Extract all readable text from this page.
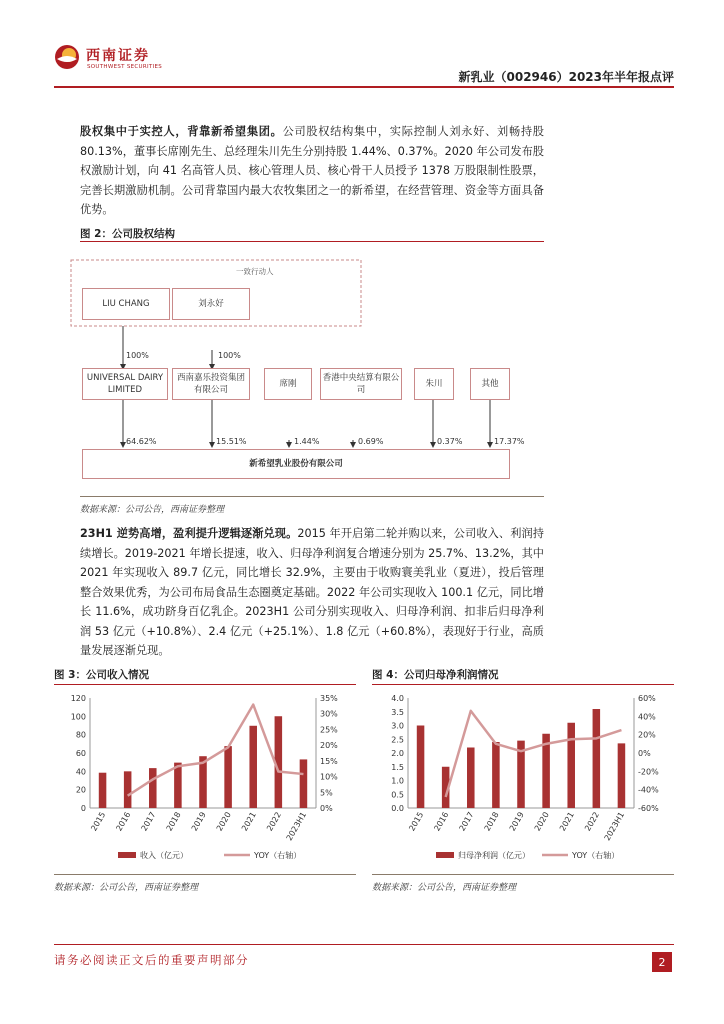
西南证券
SOUTHWEST SECURITIES
新乳业（002946）2023年半年报点评
股权集中于实控人，背靠新希望集团。公司股权结构集中，实际控制人刘永好、刘畅持股 80.13%，董事长席刚先生、总经理朱川先生分别持股 1.44%、0.37%。2020 年公司发布股权激励计划，向 41 名高管人员、核心管理人员、核心骨干人员授予 1378 万股限制性股票，完善长期激励机制。公司背靠国内最大农牧集团之一的新希望，在经营管理、资金等方面具备优势。
图 2：公司股权结构
一致行动人
LIU CHANG	刘永好
100%	100%
UNIVERSAL DAIRY LIMITED
西南嘉乐投资集团有限公司
席刚
香港中央结算有限公司
朱川	其他
64.62%	15.51%	1.44%	0.69%	0.37%	17.37%
新希望乳业股份有限公司
数据来源：公司公告，西南证券整理
23H1 逆势高增，盈利提升逻辑逐渐兑现。2015 年开启第二轮并购以来，公司收入、利润持续增长。2019-2021 年增长提速，收入、归母净利润复合增速分别为 25.7%、13.2%，其中 2021 年实现收入 89.7 亿元，同比增长 32.9%，主要由于收购寰美乳业（夏进），投后管理整合效果优秀，为公司布局食品生态圈奠定基础。2022 年公司实现收入 100.1 亿元，同比增长 11.6%，成功跻身百亿乳企。2023H1 公司分别实现收入、归母净利润、扣非后归母净利润 53 亿元（+10.8%）、2.4 亿元（+25.1%）、1.8 亿元（+60.8%），表现好于行业，高质量发展逐渐兑现。
图 3：公司收入情况
0
20
40
60
80
100
120
0%
5%
10%
15%
20%
25%
30%
35%
2015 2016 2017 2018 2019 2020 2021 2022 2023H1
收入（亿元）	YOY（右轴）
数据来源：公司公告，西南证券整理
图 4：公司归母净利润情况
0.0
0.5
1.0
1.5
2.0
2.5
3.0
3.5
4.0
-60%
-40%
-20%
0%
20%
40%
60%
2015 2016 2017 2018 2019 2020 2021 2022 2023H1
归母净利润（亿元）	YOY（右轴）
数据来源：公司公告，西南证券整理
请务必阅读正文后的重要声明部分	2
